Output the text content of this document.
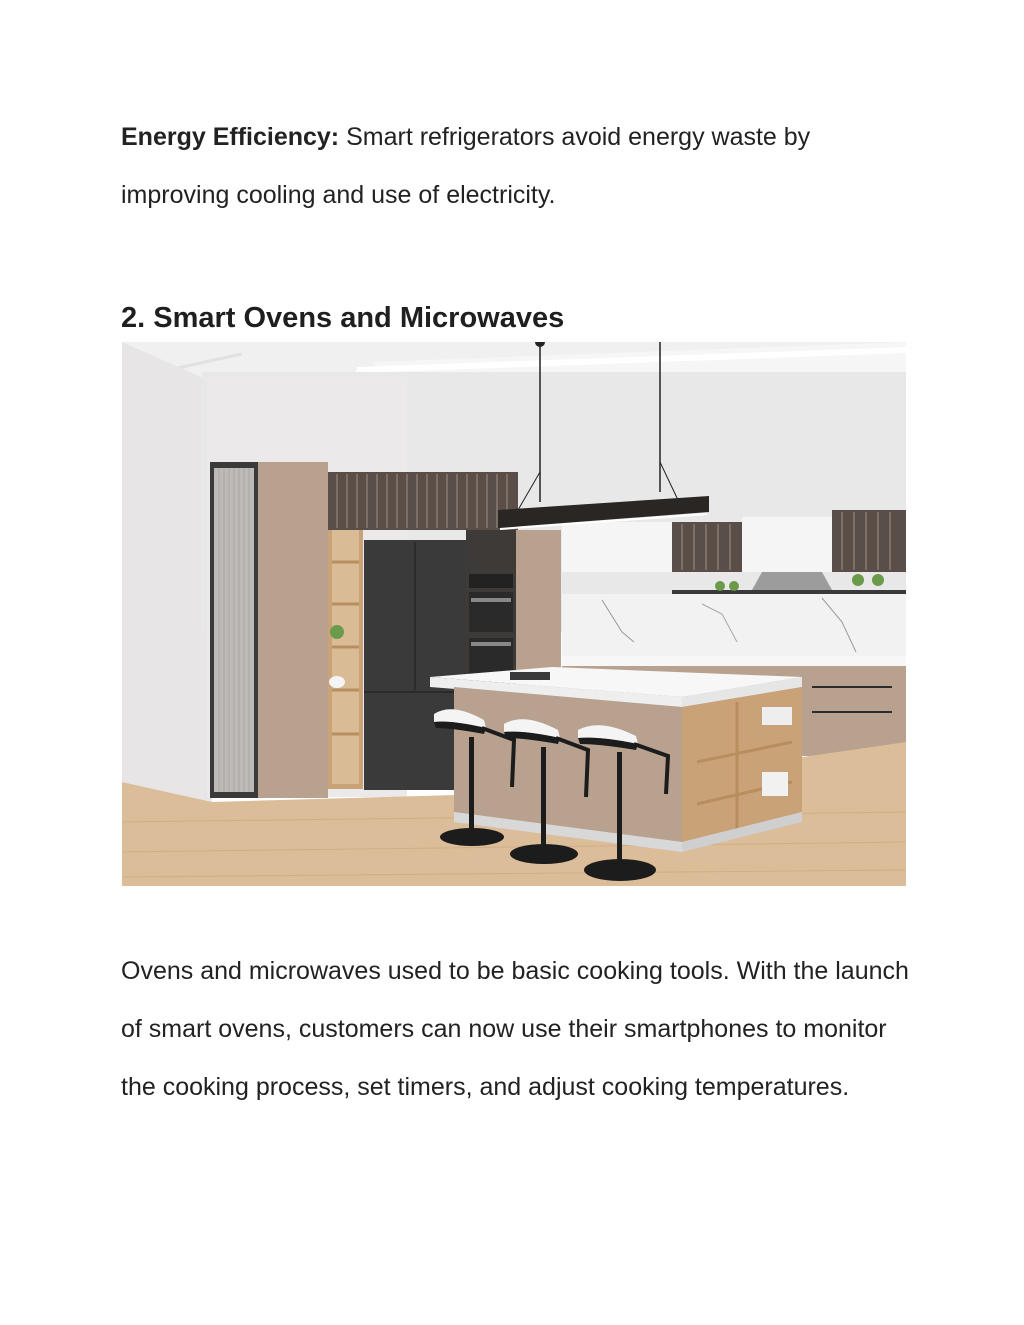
Energy Efficiency: Smart refrigerators avoid energy waste by improving cooling and use of electricity.

2. Smart Ovens and Microwaves

Ovens and microwaves used to be basic cooking tools. With the launch of smart ovens, customers can now use their smartphones to monitor the cooking process, set timers, and adjust cooking temperatures.
